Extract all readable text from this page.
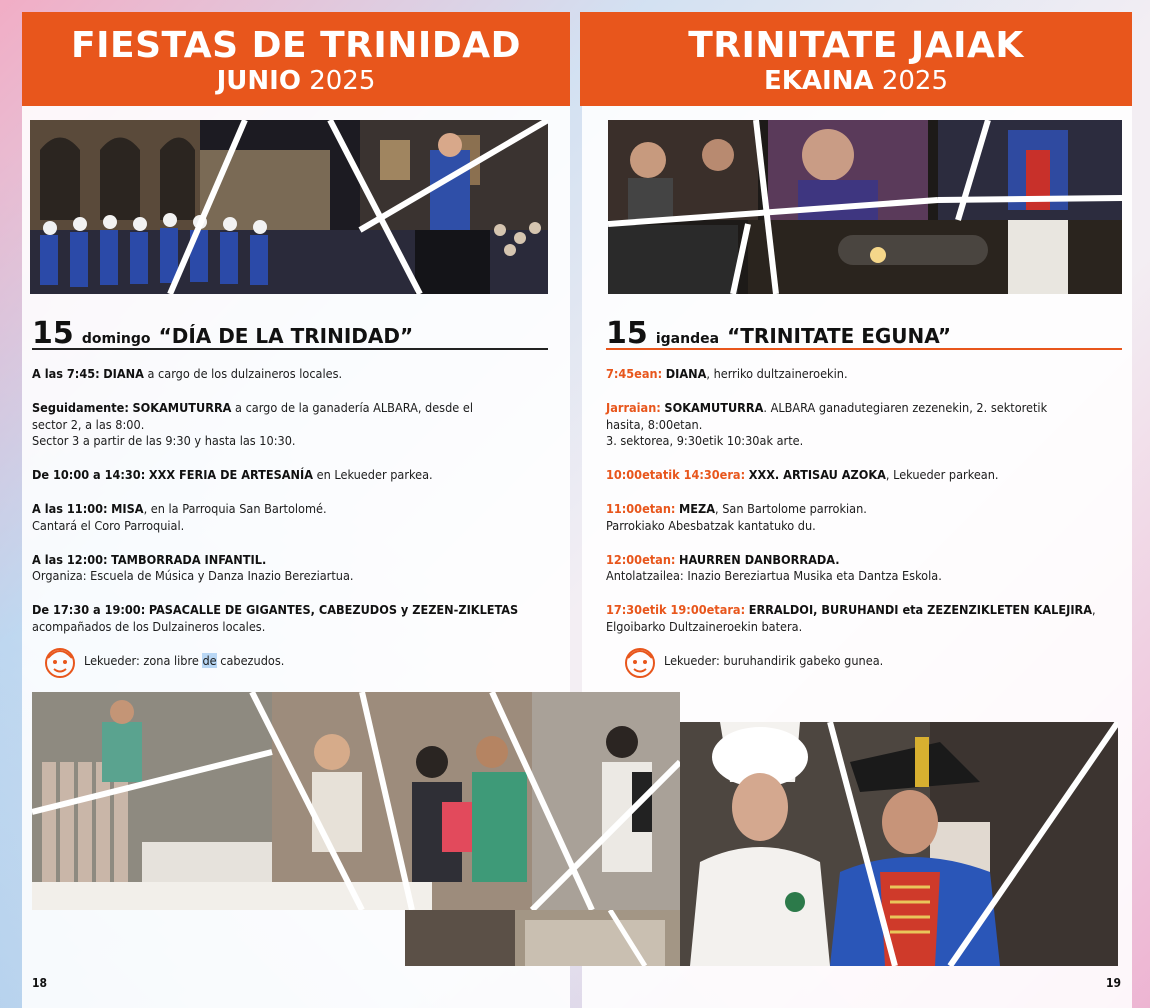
FIESTAS DE TRINIDAD
JUNIO 2025
TRINITATE JAIAK
EKAINA 2025
15 domingo “DÍA DE LA TRINIDAD”	15 igandea “TRINITATE EGUNA”

A las 7:45: DIANA a cargo de los dulzaineros locales.

Seguidamente: SOKAMUTURRA a cargo de la ganadería ALBARA, desde el
sector 2, a las 8:00.
Sector 3 a partir de las 9:30 y hasta las 10:30.

De 10:00 a 14:30: XXX FERIA DE ARTESANÍA en Lekueder parkea.

A las 11:00: MISA, en la Parroquia San Bartolomé.
Cantará el Coro Parroquial.

A las 12:00: TAMBORRADA INFANTIL.
Organiza: Escuela de Música y Danza Inazio Bereziartua.

De 17:30 a 19:00: PASACALLE DE GIGANTES, CABEZUDOS y ZEZEN-ZIKLETAS
acompañados de los Dulzaineros locales.

Lekueder: zona libre de cabezudos.

7:45ean: DIANA, herriko dultzaineroekin.

Jarraian: SOKAMUTURRA. ALBARA ganadutegiaren zezenekin, 2. sektoretik
hasita, 8:00etan.
3. sektorea, 9:30etik 10:30ak arte.

10:00etatik 14:30era: XXX. ARTISAU AZOKA, Lekueder parkean.

11:00etan: MEZA, San Bartolome parrokian.
Parrokiako Abesbatzak kantatuko du.

12:00etan: HAURREN DANBORRADA.
Antolatzailea: Inazio Bereziartua Musika eta Dantza Eskola.

17:30etik 19:00etara: ERRALDOI, BURUHANDI eta ZEZENZIKLETEN KALEJIRA,
Elgoibarko Dultzaineroekin batera.

Lekueder: buruhandirik gabeko gunea.
18	19
